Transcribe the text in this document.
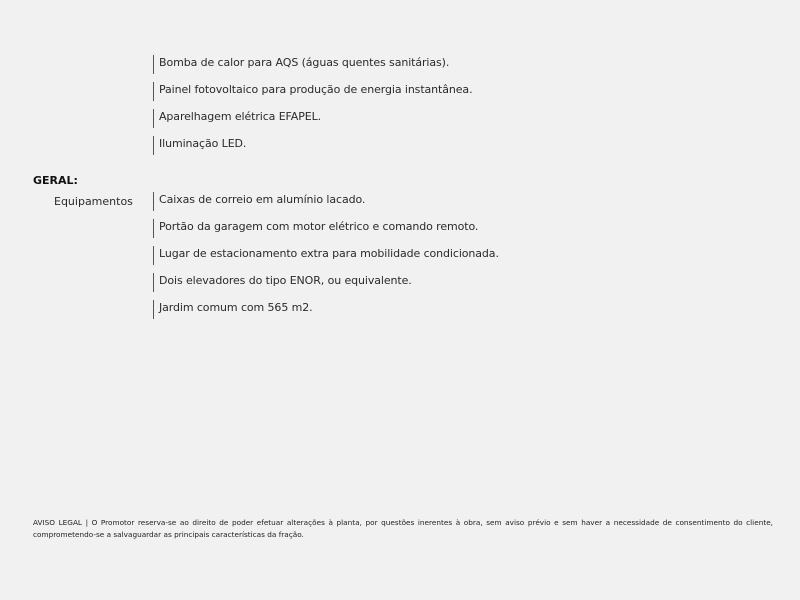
Bomba de calor para AQS (águas quentes sanitárias).
Painel fotovoltaico para produção de energia instantânea.
Aparelhagem elétrica EFAPEL.
Iluminação LED.
GERAL:
Equipamentos	Caixas de correio em alumínio lacado.
Portão da garagem com motor elétrico e comando remoto.
Lugar de estacionamento extra para mobilidade condicionada.
Dois elevadores do tipo ENOR, ou equivalente.
Jardim comum com 565 m2.
AVISO LEGAL | O Promotor reserva-se ao direito de poder efetuar alterações à planta, por questões inerentes à obra, sem aviso prévio e sem haver a necessidade de consentimento do cliente, comprometendo-se a salvaguardar as principais características da fração.
